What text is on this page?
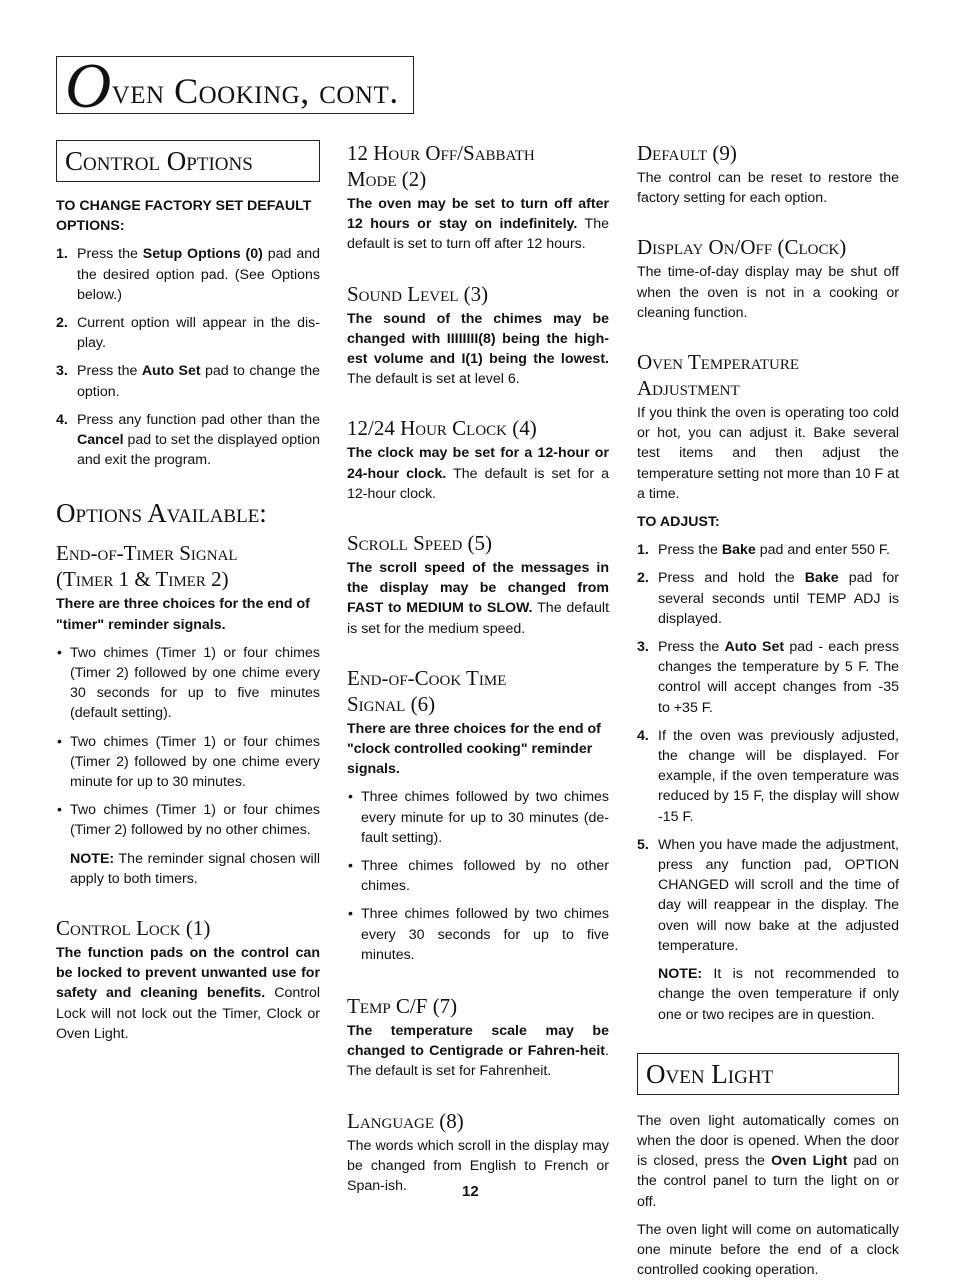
Oven Cooking, cont.
Control Options
TO CHANGE FACTORY SET DEFAULT OPTIONS:
1. Press the Setup Options (0) pad and the desired option pad. (See Options below.)
2. Current option will appear in the dis-play.
3. Press the Auto Set pad to change the option.
4. Press any function pad other than the Cancel pad to set the displayed option and exit the program.
Options Available:
End-of-Timer Signal
(Timer 1 & Timer 2)

There are three choices for the end of "timer" reminder signals.

• Two chimes (Timer 1) or four chimes (Timer 2) followed by one chime every 30 seconds for up to five minutes (default setting).
• Two chimes (Timer 1) or four chimes (Timer 2) followed by one chime every minute for up to 30 minutes.
• Two chimes (Timer 1) or four chimes (Timer 2) followed by no other chimes.

NOTE: The reminder signal chosen will apply to both timers.

Control Lock (1)

The function pads on the control can be locked to prevent unwanted use for safety and cleaning benefits. Control Lock will not lock out the Timer, Clock or Oven Light.

12 Hour Off/Sabbath
Mode (2)

The oven may be set to turn off after 12 hours or stay on indefinitely. The default is set to turn off after 12 hours.

Sound Level (3)

The sound of the chimes may be changed with IIIIIIII(8) being the high-est volume and I(1) being the lowest. The default is set at level 6.

12/24 Hour Clock (4)

The clock may be set for a 12-hour or 24-hour clock. The default is set for a 12-hour clock.

Scroll Speed (5)

The scroll speed of the messages in the display may be changed from FAST to MEDIUM to SLOW. The default is set for the medium speed.

End-of-Cook Time
Signal (6)

There are three choices for the end of "clock controlled cooking" reminder signals.

• Three chimes followed by two chimes every minute for up to 30 minutes (de-fault setting).
• Three chimes followed by no other chimes.
• Three chimes followed by two chimes every 30 seconds for up to five minutes.
Temp C/F (7)

The temperature scale may be changed to Centigrade or Fahren-heit. The default is set for Fahrenheit.

Language (8)

The words which scroll in the display may be changed from English to French or Span-ish.

Default (9)

The control can be reset to restore the factory setting for each option.

Display On/Off (Clock)

The time-of-day display may be shut off when the oven is not in a cooking or cleaning function.

Oven Temperature
Adjustment

If you think the oven is operating too cold or hot, you can adjust it. Bake several test items and then adjust the temperature setting not more than 10 F at a time.

TO ADJUST:
1. Press the Bake pad and enter 550 F.
2. Press and hold the Bake pad for several seconds until TEMP ADJ is displayed.
3. Press the Auto Set pad - each press changes the temperature by 5 F. The control will accept changes from -35 to +35 F.
4. If the oven was previously adjusted, the change will be displayed. For example, if the oven temperature was reduced by 15 F, the display will show -15 F.
5. When you have made the adjustment, press any function pad, OPTION CHANGED will scroll and the time of day will reappear in the display. The oven will now bake at the adjusted temperature.

NOTE: It is not recommended to change the oven temperature if only one or two recipes are in question.

Oven Light

The oven light automatically comes on when the door is opened. When the door is closed, press the Oven Light pad on the control panel to turn the light on or off.

The oven light will come on automatically one minute before the end of a clock controlled cooking operation.

12
